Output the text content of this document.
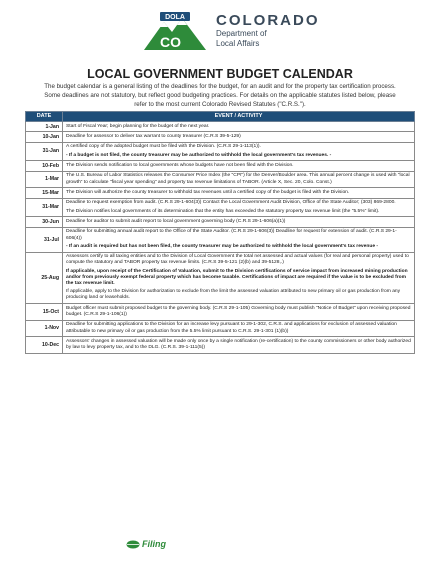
DOLA
CO
COLORADO
Department of
Local Affairs
LOCAL GOVERNMENT BUDGET CALENDAR
The budget calendar is a general listing of the deadlines for the budget, for an audit and for the property tax certification process. Some deadlines are not statutory, but reflect good budgeting practices. For details on the applicable statutes listed below, please refer to the most current Colorado Revised Statutes ("C.R.S.").
DATE	EVENT / ACTIVITY
1-Jan	Start of Fiscal Year; begin planning for the budget of the next year.

10-Jan	Deadline for assessor to deliver tax warrant to county treasurer (C.R.S 39-5-129)

31-Jan	A certified copy of the adopted budget must be filed with the Division. (C.R.S 29-1-113(1)).
- If a budget is not filed, the county treasurer may be authorized to withhold the local government's tax revenues. -

10-Feb	The Division sends notification to local governments whose budgets have not been filed with the Division.

1-Mar	The U.S. Bureau of Labor Statistics releases the Consumer Price Index (the "CPI") for the Denver/Boulder area. This annual percent change is used with "local growth" to calculate "fiscal year spending" and property tax revenue limitations of TABOR. (Article X, Sec. 20, Colo. Const.)

15-Mar	The Division will authorize the county treasurer to withhold tax revenues until a certified copy of the budget is filed with the Division.

31-Mar	Deadline to request exemption from audit. (C.R.S 29-1-604(3)) Contact the Local Government Audit Division, Office of the State Auditor; (303) 869-2800.
The Division notifies local governments of its determination that the entity has exceeded the statutory property tax revenue limit (the "5.5%" limit).

30-Jun	Deadline for auditor to submit audit report to local government governing body (C.R.S 29-1-606(a)(1))

31-Jul	Deadline for submitting annual audit report to the Office of the State Auditor. (C.R.S 29-1-606(3)) Deadline for request for extension of audit. (C.R.S 29-1-606(4))
- If an audit is required but has not been filed, the county treasurer may be authorized to withhold the local government's tax revenue -

25-Aug	Assessors certify to all taxing entities and to the Division of Local Government the total net assessed and actual values (for real and personal property) used to compute the statutory and TABOR property tax revenue limits. (C.R.S 39-5-121 (2)(b) and 39-5128,.)
If applicable, upon receipt of the Certification of Valuation, submit to the Division certifications of service impact from increased mining production and/or from previously exempt federal property which has become taxable. Certifications of impact are required if the value is to be excluded from the tax revenue limit.
If applicable, apply to the Division for authorization to exclude from the limit the assessed valuation attributed to new primary oil or gas production from any producing land or leaseholds.

15-Oct	Budget officer must submit proposed budget to the governing body. (C.R.S 29-1-105) Governing body must publish "Notice of Budget" upon receiving proposed budget. (C.R.S 29-1-106(1))

1-Nov	Deadline for submitting applications to the Division for an increase levy pursuant to 29-1-302, C.R.S. and applications for exclusion of assessed valuation attributable to new primary oil or gas production from the 5.5% limit pursuant to C.R.S. 29-1-301 (1)(b))

10-Dec	Assessors' changes in assessed valuation will be made only once by a single notification (re-certification) to the county commissioners or other body authorized by law to levy property tax, and to the DLG. (C.R.S. 39-1-111(5))
Filing
